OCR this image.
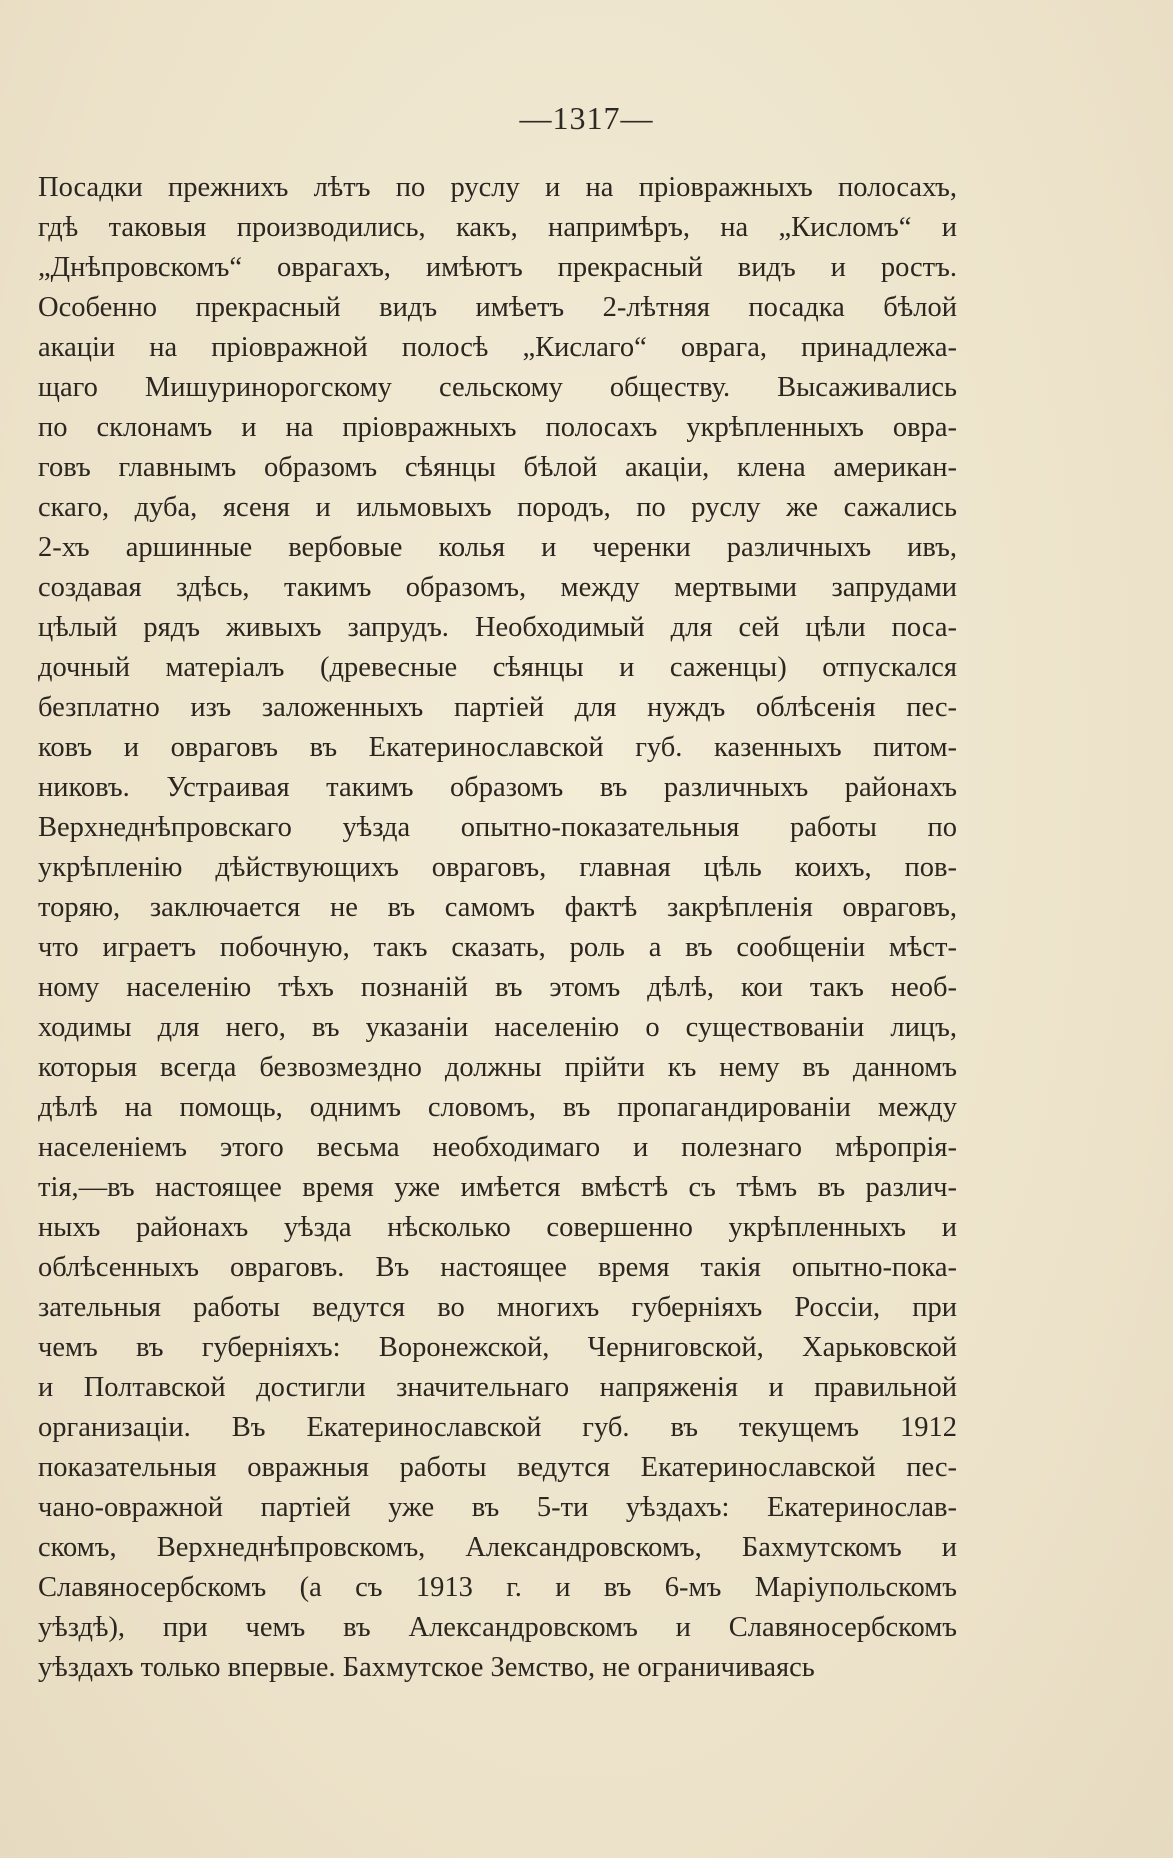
—1317—
Посадки прежнихъ лѣтъ по руслу и на прiовражныхъ полосахъ,
гдѣ таковыя производились, какъ, напримѣръ, на „Кисломъ“ и
„Днѣпровскомъ“ оврагахъ, имѣютъ прекрасный видъ и ростъ.
Особенно прекрасный видъ имѣетъ 2-лѣтняя посадка бѣлой
акацiи на прiовражной полосѣ „Кислаго“ оврага, принадлежа-
щаго Мишуринорогскому сельскому обществу. Высаживались
по склонамъ и на прiовражныхъ полосахъ укрѣпленныхъ овра-
говъ главнымъ образомъ сѣянцы бѣлой акацiи, клена американ-
скаго, дуба, ясеня и ильмовыхъ породъ, по руслу же сажались
2-хъ аршинные вербовые колья и черенки различныхъ ивъ,
создавая здѣсь, такимъ образомъ, между мертвыми запрудами
цѣлый рядъ живыхъ запрудъ. Необходимый для сей цѣли поса-
дочный матерiалъ (древесные сѣянцы и саженцы) отпускался
безплатно изъ заложенныхъ партiей для нуждъ облѣсенiя пес-
ковъ и овраговъ въ Екатеринославской губ. казенныхъ питом-
никовъ. Устраивая такимъ образомъ въ различныхъ районахъ
Верхнеднѣпровскаго уѣзда опытно-показательныя работы по
укрѣпленiю дѣйствующихъ овраговъ, главная цѣль коихъ, пов-
торяю, заключается не въ самомъ фактѣ закрѣпленiя овраговъ,
что играетъ побочную, такъ сказать, роль а въ сообщенiи мѣст-
ному населенiю тѣхъ познанiй въ этомъ дѣлѣ, кои такъ необ-
ходимы для него, въ указанiи населенiю о существованiи лицъ,
которыя всегда безвозмездно должны прiйти къ нему въ данномъ
дѣлѣ на помощь, однимъ словомъ, въ пропагандированiи между
населенiемъ этого весьма необходимаго и полезнаго мѣропрiя-
тiя,—въ настоящее время уже имѣется вмѣстѣ съ тѣмъ въ различ-
ныхъ районахъ уѣзда нѣсколько совершенно укрѣпленныхъ и
облѣсенныхъ овраговъ. Въ настоящее время такiя опытно-пока-
зательныя работы ведутся во многихъ губернiяхъ Россiи, при
чемъ въ губернiяхъ: Воронежской, Черниговской, Харьковской
и Полтавской достигли значительнаго напряженiя и правильной
организацiи. Въ Екатеринославской губ. въ текущемъ 1912
показательныя овражныя работы ведутся Екатеринославской пес-
чано-овражной партiей уже въ 5-ти уѣздахъ: Екатеринослав-
скомъ, Верхнеднѣпровскомъ, Александровскомъ, Бахмутскомъ и
Славяносербскомъ (а съ 1913 г. и въ 6-мъ Марiупольскомъ
уѣздѣ), при чемъ въ Александровскомъ и Славяносербскомъ
уѣздахъ только впервые. Бахмутское Земство, не ограничиваясь
